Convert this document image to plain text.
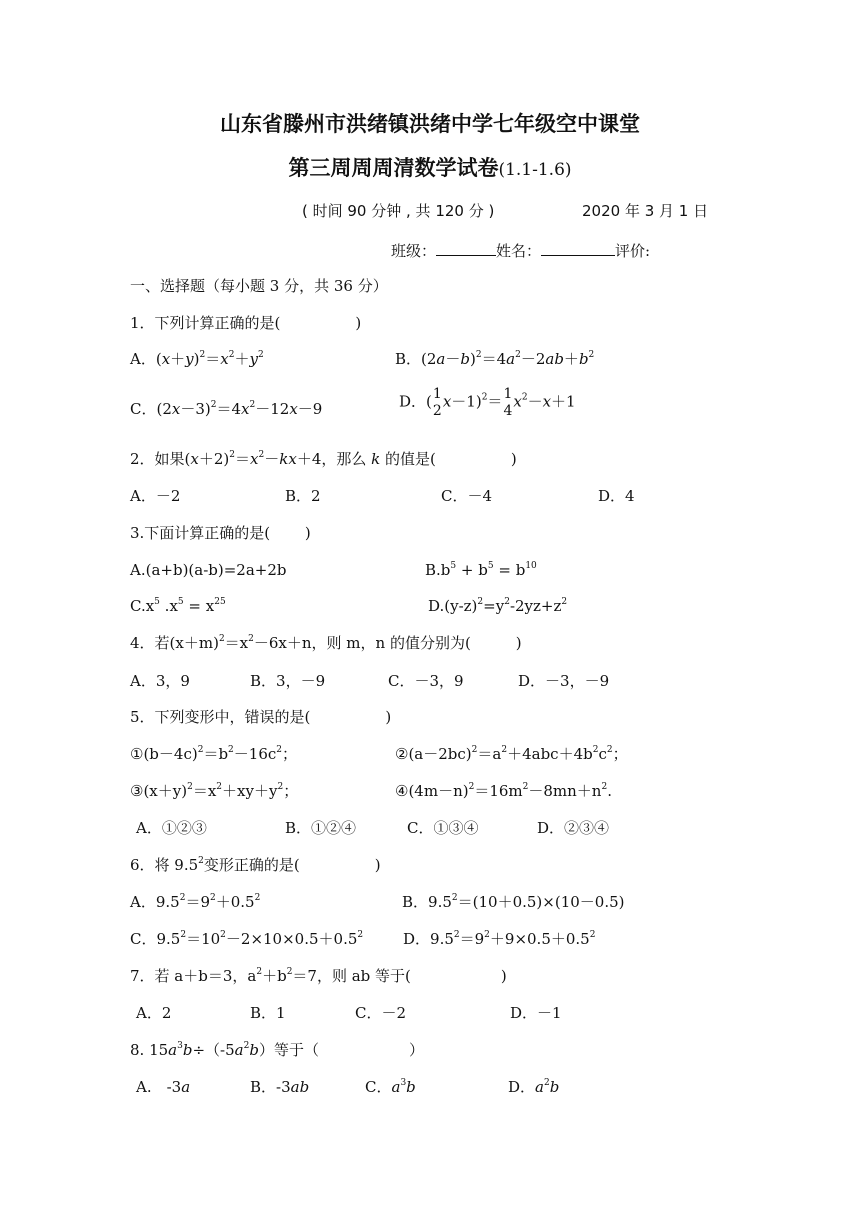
山东省滕州市洪绪镇洪绪中学七年级空中课堂
第三周周周清数学试卷(1.1-1.6)
( 时间 90 分钟 , 共 120 分 )	2020 年 3 月 1 日
班级：	姓名：	评价:
一、选择题（每小题 3 分，共 36 分）
1．下列计算正确的是(　　　　　)
A．$(x+y)^2=x^2+y^2$	B．$(2a-b)^2=4a^2-2ab+b^2$
C．$(2x-3)^2=4x^2-12x-9$	D．( 1
2
x－1)$^2$＝ 1
4
$x^2-x+1$
2．如果$(x+2)^2=x^2-kx+4$，那么 k 的值是(　　　　　)
A．－2	B．2	C．－4	D．4
3.下面计算正确的是(　　 )
A.(a+b)(a-b)=2a+2b	$B.b^5 + b^5 = b^{10}$
$C.x^5$ $.x^5 = x^{25}$	$D.(y-z)^2=y^2-2yz+z^2$
4．若$(x+m)^2=x^2-6x+n$，则 m，n 的值分别为(　　　)
A．3，9	B．3，－9	C．－3，9	D．－3，－9
5．下列变形中，错误的是(　　　　　)
$①(b-4c)^2=b^2-16c^2$；	$②(a-2bc)^2=a^2+4abc+4b^2c^2$；
$③(x+y)^2=x^2+xy+y^2$；	$④(4m-n)^2=16m^2-8mn+n^2$.
A．①②③	B．①②④	C．①③④	D．②③④
6．将 $9.5^2$变形正确的是(　　　　　)
A．$9.5^2=9^2+0.5^2$	B．$9.5^2=(10+0.5)\times(10-0.5)$
C．$9.5^2=10^2-2\times 10\times 0.5+0.5^2$	D．$9.5^2=9^2+9\times 0.5+0.5^2$
7．若 a＋b＝3，$a^2+b^2=7$，则 ab 等于(　　　　　　)
A．2	B．1	C．－2	D．－1
8. $15a^3b\div(-5a^2b)$等于（　　　　　　）
A.　-3a	B．-3ab	C．$a^3b$	D．$a^2b$
